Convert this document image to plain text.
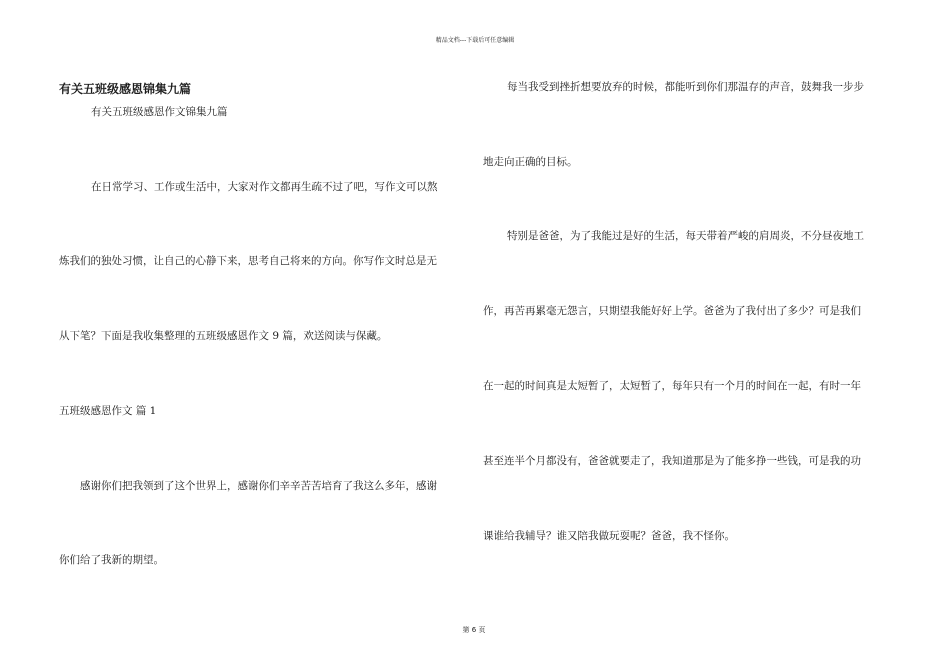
精品文档---下载后可任意编辑
有关五班级感恩锦集九篇
有关五班级感恩作文锦集九篇
在日常学习、工作或生活中，大家对作文都再生疏不过了吧，写作文可以熬
炼我们的独处习惯，让自己的心静下来，思考自己将来的方向。你写作文时总是无
从下笔？下面是我收集整理的五班级感恩作文 9 篇，欢送阅读与保藏。
五班级感恩作文 篇 1
感谢你们把我领到了这个世界上，感谢你们辛辛苦苦培育了我这么多年，感谢
你们给了我新的期望。
每当我受到挫折想要放弃的时候，都能听到你们那温存的声音，鼓舞我一步步
地走向正确的目标。
特别是爸爸，为了我能过是好的生活，每天带着严峻的肩周炎，不分昼夜地工
作，再苦再累毫无怨言，只期望我能好好上学。爸爸为了我付出了多少？可是我们
在一起的时间真是太短暂了，太短暂了，每年只有一个月的时间在一起，有时一年
甚至连半个月都没有，爸爸就要走了，我知道那是为了能多挣一些钱，可是我的功
课谁给我辅导？谁又陪我做玩耍呢？爸爸，我不怪你。
第 6 页
